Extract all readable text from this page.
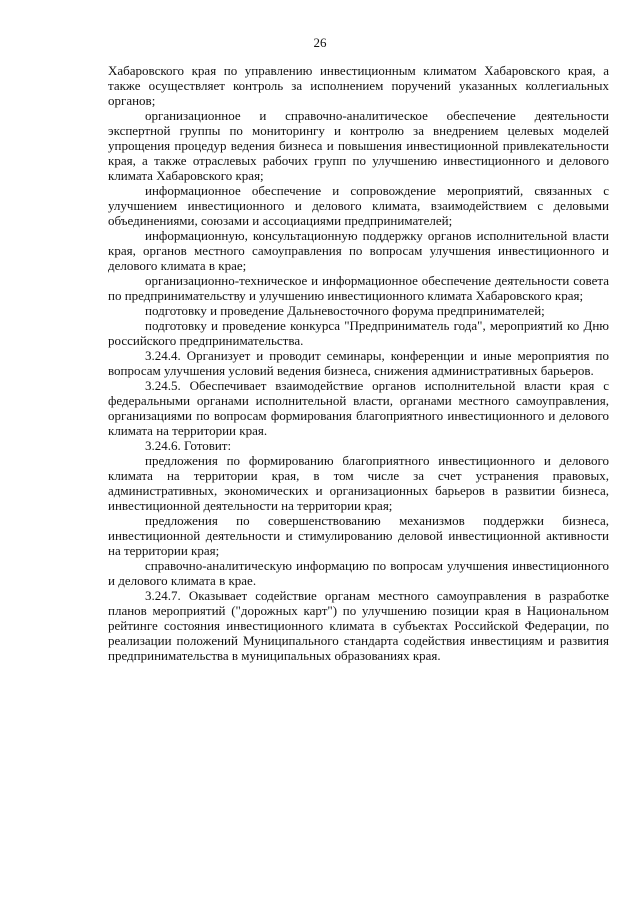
26

Хабаровского края по управлению инвестиционным климатом Хабаровского края, а также осуществляет контроль за исполнением поручений указанных коллегиальных органов;

организационное и справочно-аналитическое обеспечение деятельности экспертной группы по мониторингу и контролю за внедрением целевых моделей упрощения процедур ведения бизнеса и повышения инвестиционной привлекательности края, а также отраслевых рабочих групп по улучшению инвестиционного и делового климата Хабаровского края;

информационное обеспечение и сопровождение мероприятий, связанных с улучшением инвестиционного и делового климата, взаимодействием с деловыми объединениями, союзами и ассоциациями предпринимателей;

информационную, консультационную поддержку органов исполнительной власти края, органов местного самоуправления по вопросам улучшения инвестиционного и делового климата в крае;

организационно-техническое и информационное обеспечение деятельности совета по предпринимательству и улучшению инвестиционного климата Хабаровского края;

подготовку и проведение Дальневосточного форума предпринимателей;

подготовку и проведение конкурса "Предприниматель года", мероприятий ко Дню российского предпринимательства.

3.24.4. Организует и проводит семинары, конференции и иные мероприятия по вопросам улучшения условий ведения бизнеса, снижения административных барьеров.

3.24.5. Обеспечивает взаимодействие органов исполнительной власти края с федеральными органами исполнительной власти, органами местного самоуправления, организациями по вопросам формирования благоприятного инвестиционного и делового климата на территории края.

3.24.6. Готовит:

предложения по формированию благоприятного инвестиционного и делового климата на территории края, в том числе за счет устранения правовых, административных, экономических и организационных барьеров в развитии бизнеса, инвестиционной деятельности на территории края;

предложения по совершенствованию механизмов поддержки бизнеса, инвестиционной деятельности и стимулированию деловой инвестиционной активности на территории края;

справочно-аналитическую информацию по вопросам улучшения инвестиционного и делового климата в крае.

3.24.7. Оказывает содействие органам местного самоуправления в разработке планов мероприятий ("дорожных карт") по улучшению позиции края в Национальном рейтинге состояния инвестиционного климата в субъектах Российской Федерации, по реализации положений Муниципального стандарта содействия инвестициям и развития предпринимательства в муниципальных образованиях края.
